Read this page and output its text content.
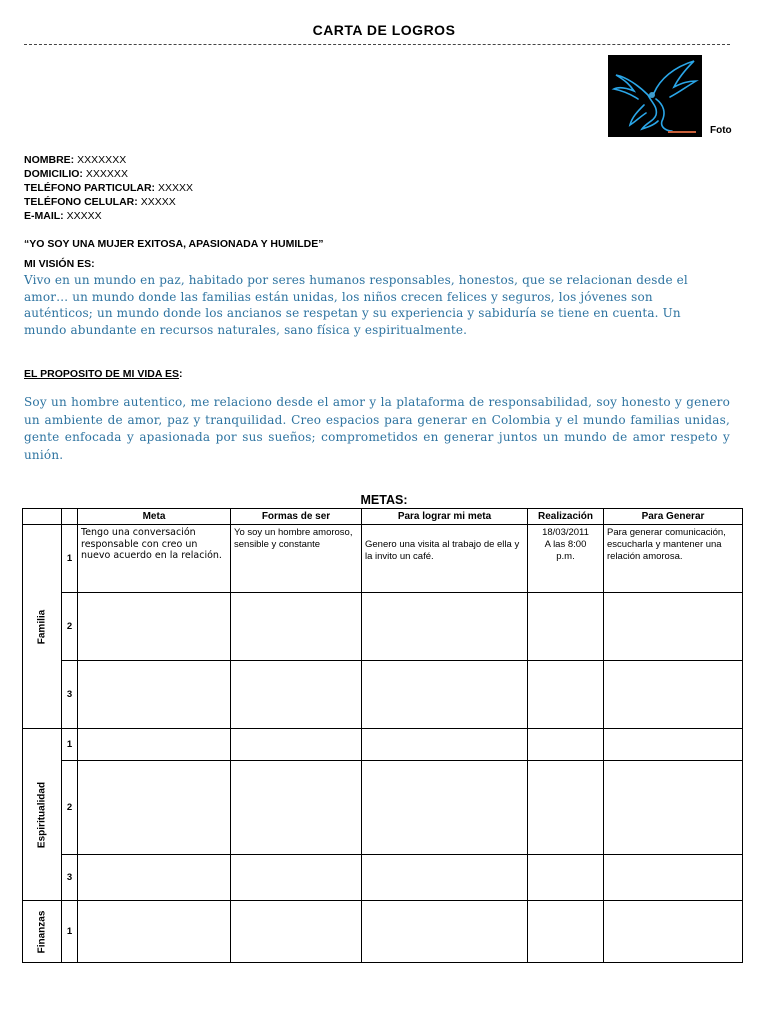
CARTA DE LOGROS
Foto
NOMBRE: XXXXXXX
DOMICILIO: XXXXXX
TELÉFONO PARTICULAR: XXXXX
TELÉFONO CELULAR: XXXXX
E-MAIL: XXXXX
“YO SOY UNA MUJER EXITOSA, APASIONADA Y HUMILDE”
MI VISIÓN ES:
Vivo en un mundo en paz, habitado por seres humanos responsables, honestos, que se relacionan desde el amor… un mundo donde las familias están unidas, los niños crecen felices y seguros, los jóvenes son auténticos; un mundo donde los ancianos se respetan y su experiencia y sabiduría se tiene en cuenta. Un mundo abundante en recursos naturales, sano física y espiritualmente.
EL PROPOSITO DE MI VIDA ES:
Soy un hombre autentico, me relaciono desde el amor y la plataforma de responsabilidad, soy honesto y genero un ambiente de amor, paz y tranquilidad. Creo espacios para generar en Colombia y el mundo familias unidas, gente enfocada y apasionada por sus sueños; comprometidos en generar juntos un mundo de amor respeto y unión.
METAS:
		Meta	Formas de ser	Para lograr mi meta	Realización	Para Generar

Familia	1	Tengo una conversación responsable con creo un nuevo acuerdo en la relación.	Yo soy un hombre amoroso, sensible y constante	Genero una visita al trabajo de ella y la invito un café.	18/03/2011
A las 8:00
p.m.	Para generar comunicación, escucharla y mantener una relación amorosa.
	2					
	3					

Espiritualidad	1					
	2					
	3					

Finanzas	1					
